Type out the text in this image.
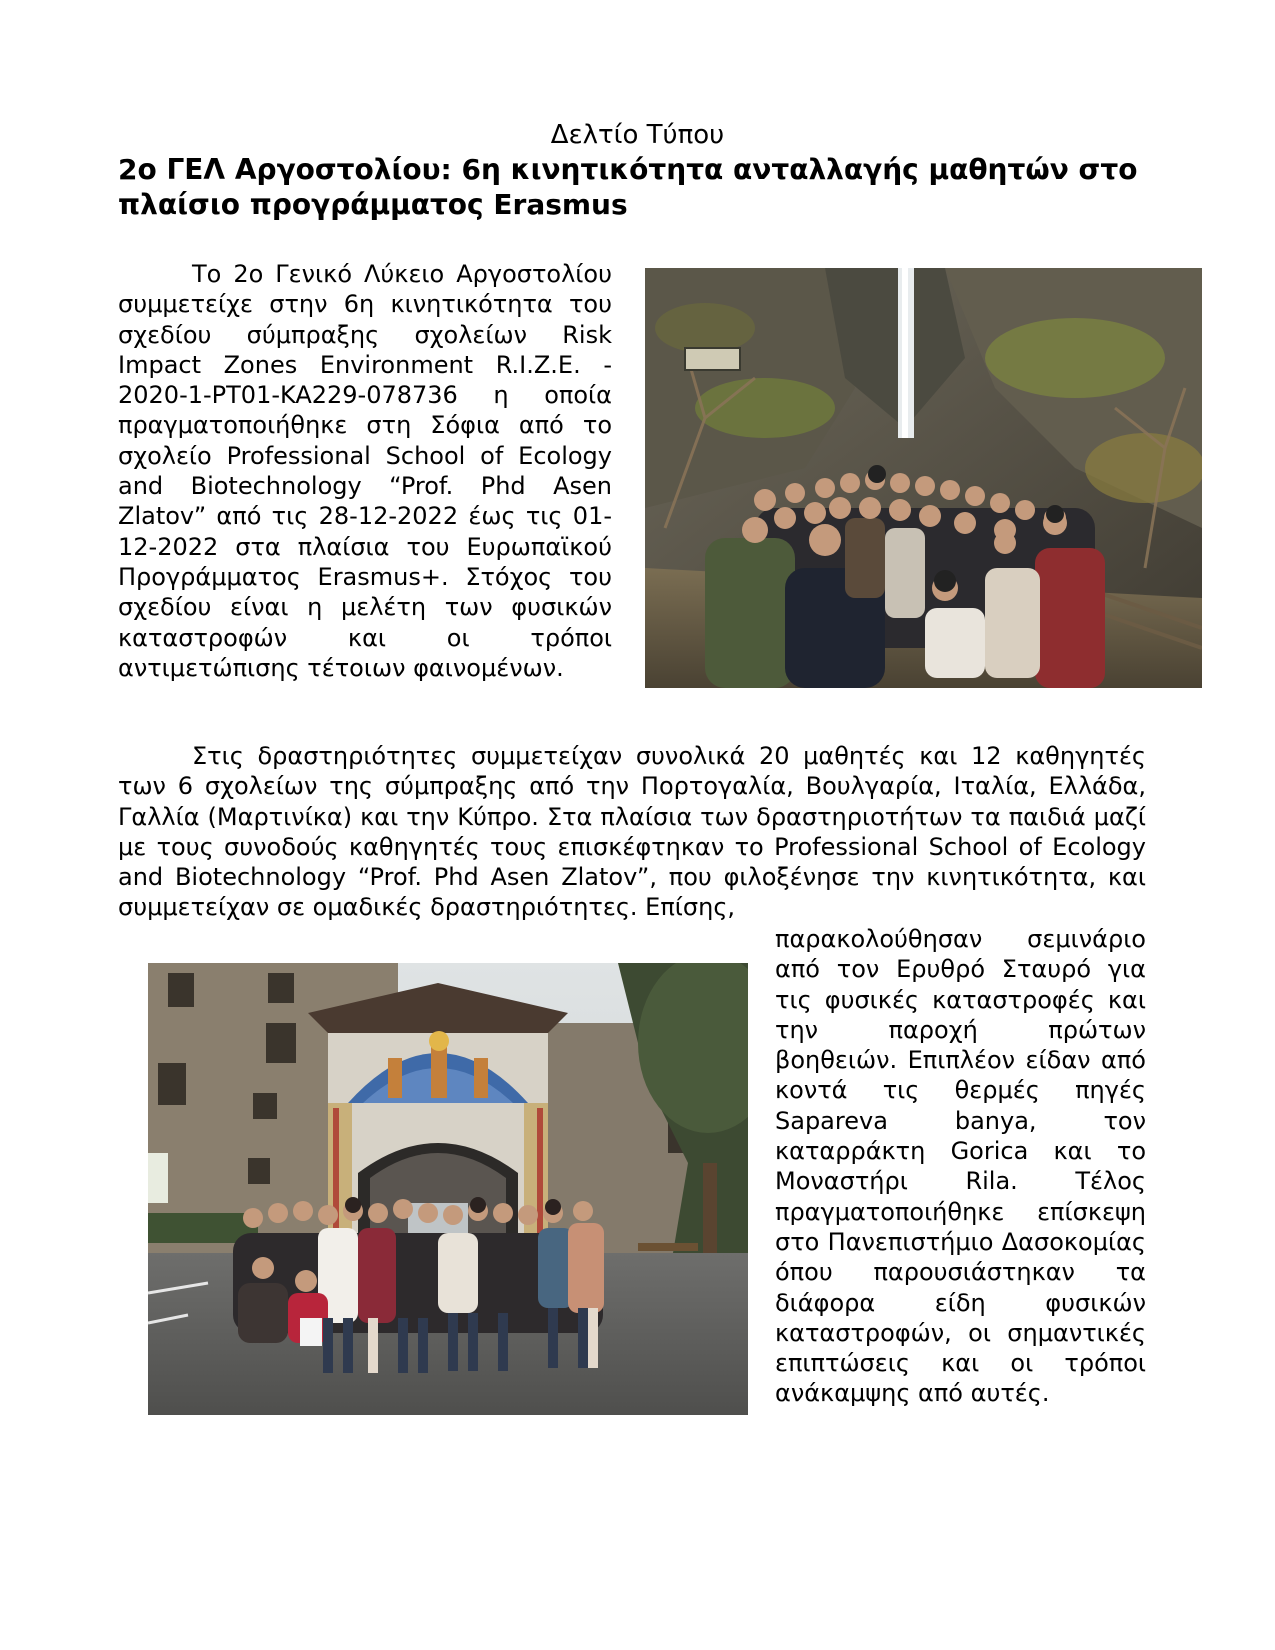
Δελτίο Τύπου
2ο ΓΕΛ Αργοστολίου: 6η κινητικότητα ανταλλαγής μαθητών στο πλαίσιο προγράμματος Erasmus

Το 2ο Γενικό Λύκειο Αργοστολίου συμμετείχε στην 6η κινητικότητα του σχεδίου σύμπραξης σχολείων Risk Impact Zones Environment R.I.Z.E. - 2020-1-PT01-KA229-078736 η οποία πραγματοποιήθηκε στη Σόφια από το σχολείο Professional School of Ecology and Biotechnology “Prof. Phd Asen Zlatov” από τις 28-12-2022 έως τις 01-12-2022 στα πλαίσια του Ευρωπαϊκού Προγράμματος Erasmus+. Στόχος του σχεδίου είναι η μελέτη των φυσικών καταστροφών και οι τρόποι αντιμετώπισης τέτοιων φαινομένων.

Στις δραστηριότητες συμμετείχαν συνολικά 20 μαθητές και 12 καθηγητές των 6 σχολείων της σύμπραξης από την Πορτογαλία, Βουλγαρία, Ιταλία, Ελλάδα, Γαλλία (Μαρτινίκα) και την Κύπρο. Στα πλαίσια των δραστηριοτήτων τα παιδιά μαζί με τους συνοδούς καθηγητές τους επισκέφτηκαν το Professional School of Ecology and Biotechnology “Prof. Phd Asen Zlatov”, που φιλοξένησε την κινητικότητα, και συμμετείχαν σε ομαδικές δραστηριότητες. Επίσης,

παρακολούθησαν σεμινάριο από τον Ερυθρό Σταυρό για τις φυσικές καταστροφές και την παροχή πρώτων βοηθειών. Επιπλέον είδαν από κοντά τις θερμές πηγές Sapareva banya, τον καταρράκτη Gorica και το Μοναστήρι Rila. Τέλος πραγματοποιήθηκε επίσκεψη στο Πανεπιστήμιο Δασοκομίας όπου παρουσιάστηκαν τα διάφορα είδη φυσικών καταστροφών, οι σημαντικές επιπτώσεις και οι τρόποι ανάκαμψης από αυτές.
